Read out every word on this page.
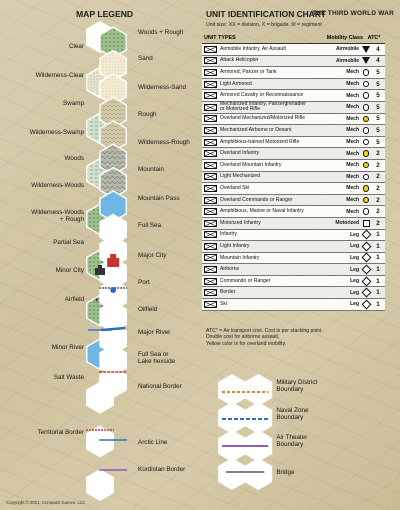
MAP LEGEND	UNIT IDENTIFICATION CHART
THE THIRD WORLD WAR
Unit size: XX = division, X = brigade, III = regiment
✈
Clear
Wilderness-Clear
Swamp
Wilderness-Swamp
Woods
Wilderness-Woods
Wilderness-Woods
+ Rough
Partial Sea
Minor City
Airfield
Minor River
Salt Waste
Territorial Border
Woods + Rough
Sand
Wilderness-Sand
Rough
Wilderness-Rough
Mountain
Mountain Pass
Full Sea
Major City
Port
Oilfield
Major River
Full Sea or
Lake hexside
National Border
Arctic Line
Kurdistan Border
Military District
Boundary
Naval Zone
Boundary
Air Theater
Boundary
Bridge
UNIT TYPES	Mobility Class ATC*
Airmobile Infantry, Air Assault	Airmobile	4
Attack Helicopter	Airmobile	4
Armored, Panzer or Tank	Mech	5
Light Armored	Mech	5
Armored Cavalry or Reconnaissance	Mech	5
Mechanized Infantry, Panzergrenadier
or Motorized Rifle	Mech	5
Overland Mechanized/Motorized Rifle	Mech	5
Mechanized Airborne or Desant	Mech	5
Amphibious-trained Motorized Rifle	Mech	5
Overland Infantry	Mech	2
Overland Mountain Infantry	Mech	2
Light Mechanized	Mech	2
Overland Ski	Mech	2
Overland Commando or Ranger	Mech	2
Amphibious, Marine or Naval Infantry	Mech	2
Motorized Infantry	Motorized	2
Infantry	Leg	1
Light Infantry	Leg	1
Mountain Infantry	Leg	1
Airborne	Leg	1
Commando or Ranger	Leg	1
Border	Leg	1
Ski	Leg	1
ATC* = Air transport cost. Cost is per stacking point.
Double cost for airborne assault.
Yellow color is for overland mobility.
Copyright © 2021, Compass Games, LLC
